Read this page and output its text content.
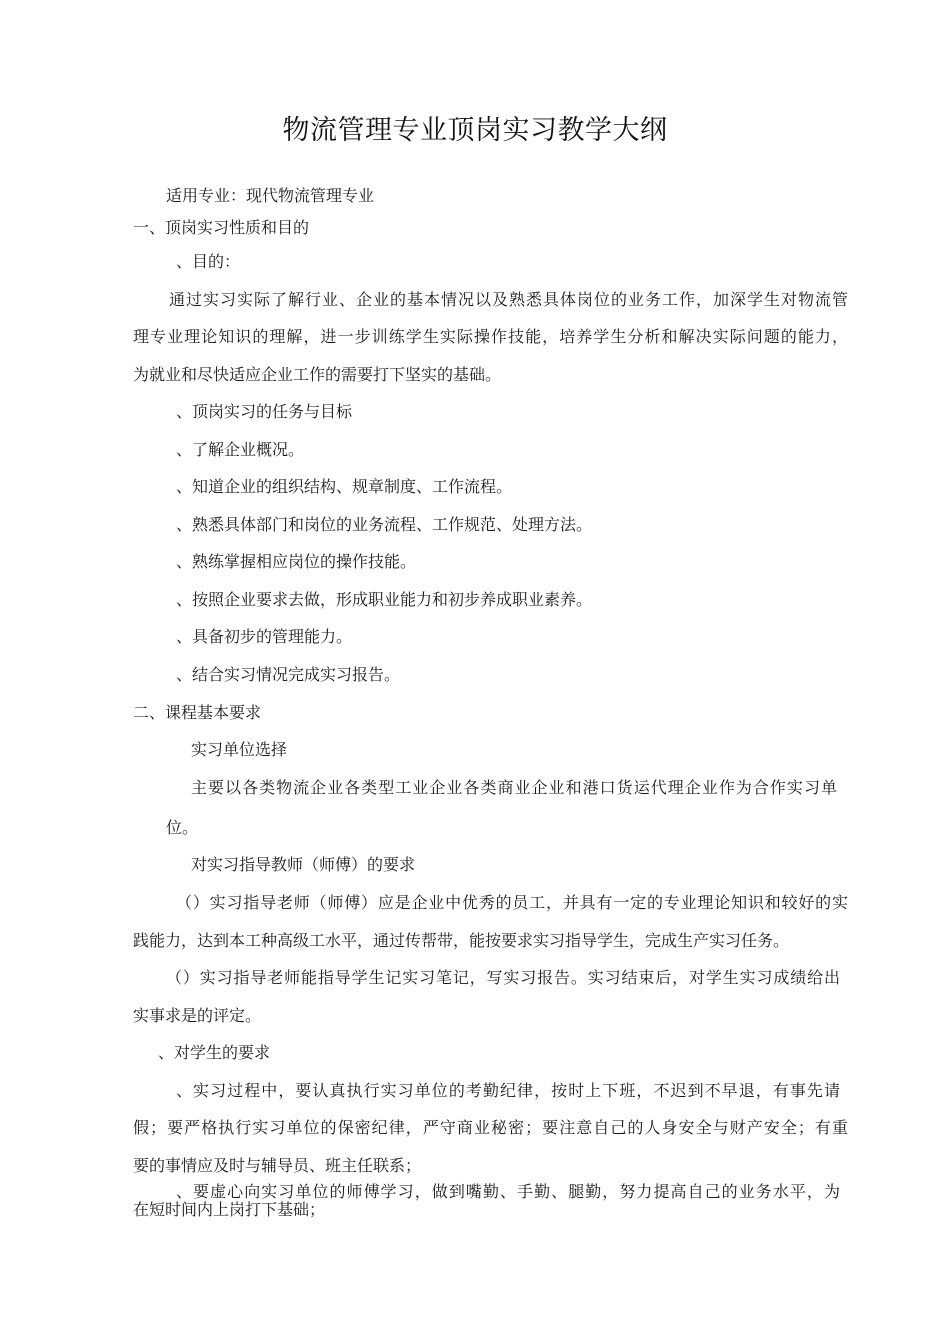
物流管理专业顶岗实习教学大纲

适用专业：现代物流管理专业

一、顶岗实习性质和目的

、目的：

通过实习实际了解行业、企业的基本情况以及熟悉具体岗位的业务工作，加深学生对物流管

理专业理论知识的理解，进一步训练学生实际操作技能，培养学生分析和解决实际问题的能力，

为就业和尽快适应企业工作的需要打下坚实的基础。

、顶岗实习的任务与目标

、了解企业概况。

、知道企业的组织结构、规章制度、工作流程。

、熟悉具体部门和岗位的业务流程、工作规范、处理方法。

、熟练掌握相应岗位的操作技能。

、按照企业要求去做，形成职业能力和初步养成职业素养。

、具备初步的管理能力。

、结合实习情况完成实习报告。

二、课程基本要求

实习单位选择

主要以各类物流企业各类型工业企业各类商业企业和港口货运代理企业作为合作实习单

位。

对实习指导教师（师傅）的要求

（）实习指导老师（师傅）应是企业中优秀的员工，并具有一定的专业理论知识和较好的实

践能力，达到本工种高级工水平，通过传帮带，能按要求实习指导学生，完成生产实习任务。

（）实习指导老师能指导学生记实习笔记，写实习报告。实习结束后，对学生实习成绩给出

实事求是的评定。

、对学生的要求

、实习过程中，要认真执行实习单位的考勤纪律，按时上下班，不迟到不早退，有事先请

假；要严格执行实习单位的保密纪律，严守商业秘密；要注意自己的人身安全与财产安全；有重

要的事情应及时与辅导员、班主任联系；

、要虚心向实习单位的师傅学习，做到嘴勤、手勤、腿勤，努力提高自己的业务水平，为

在短时间内上岗打下基础；
